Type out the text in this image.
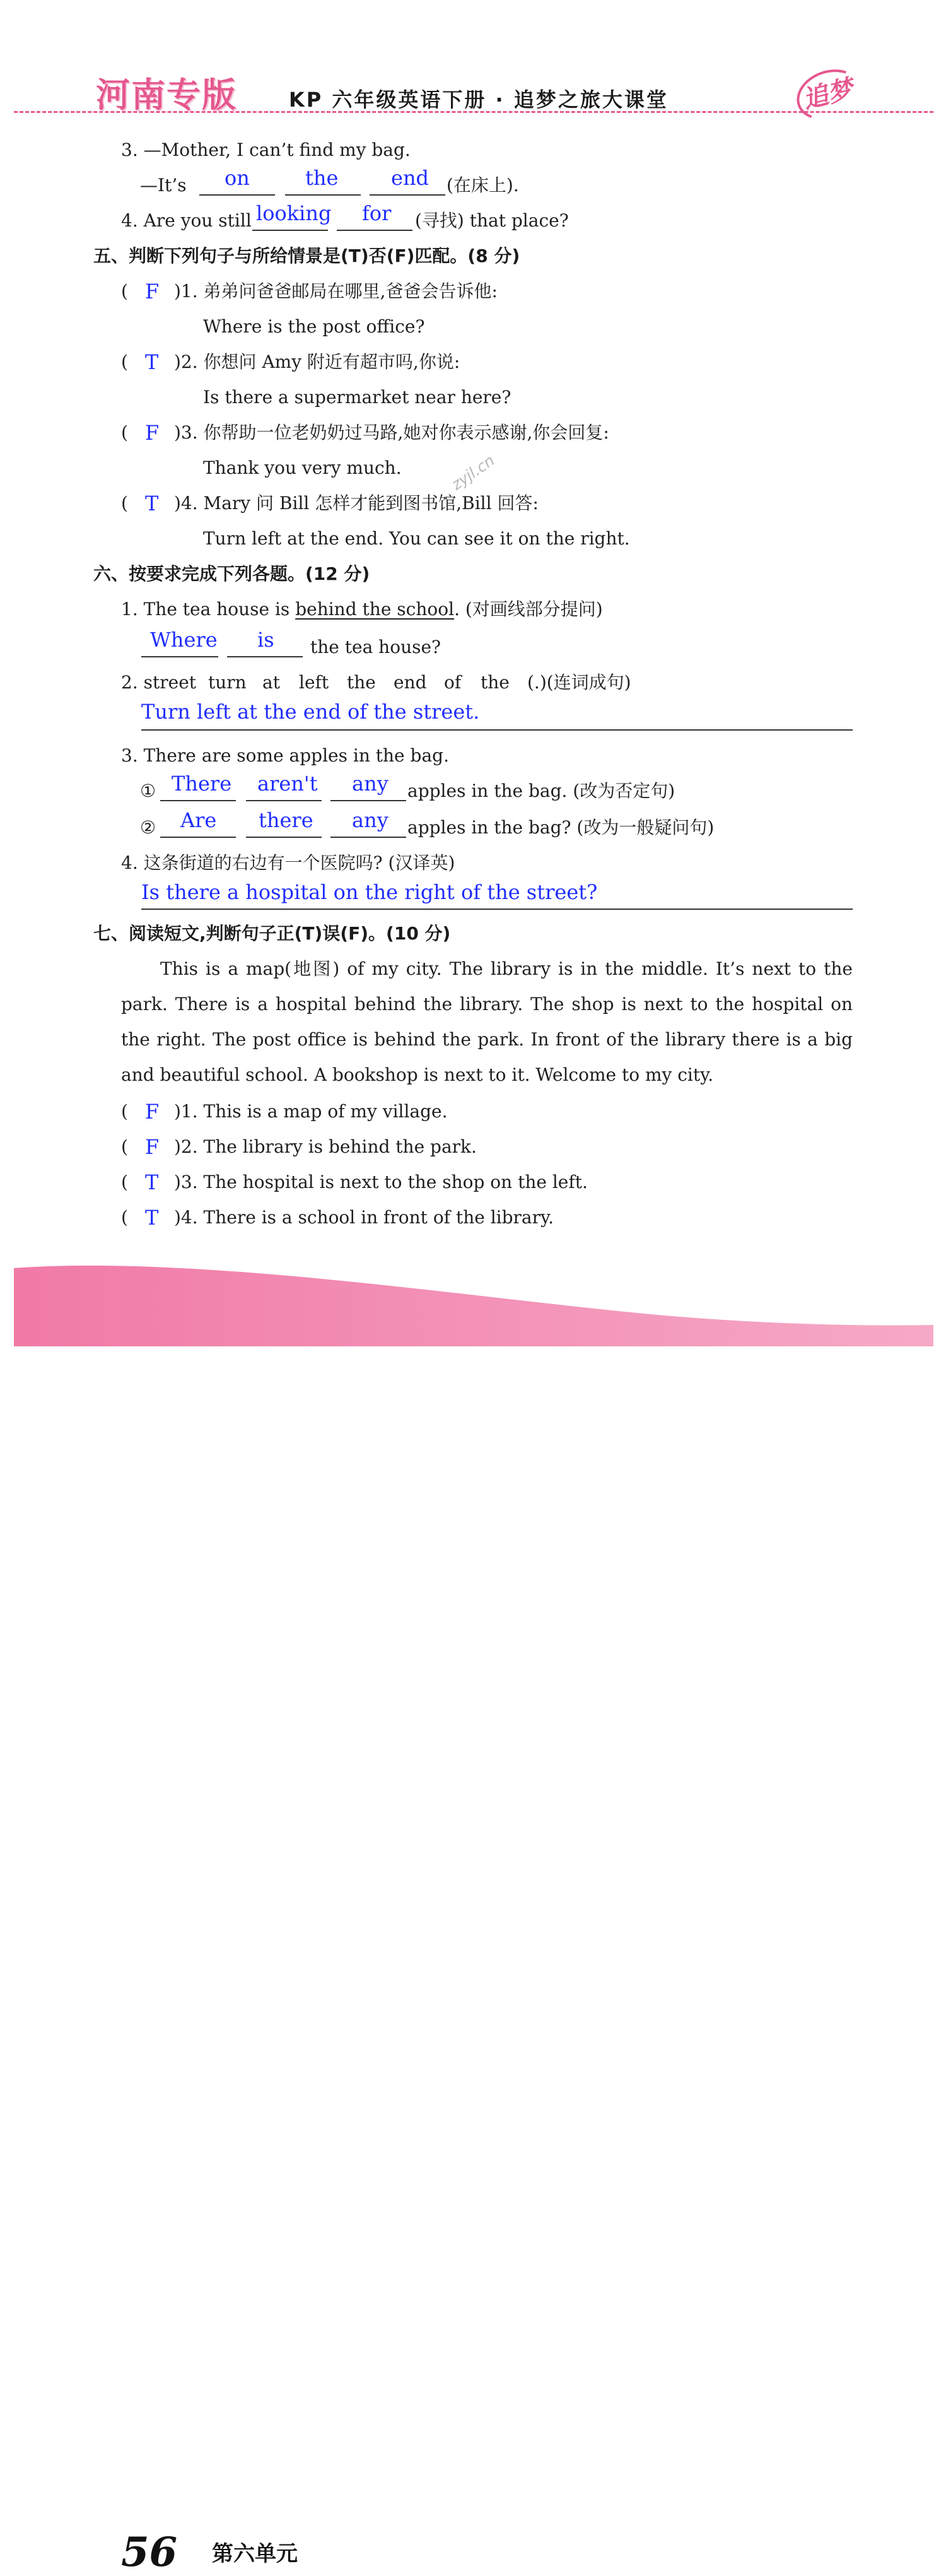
河南专版	KP 六年级英语下册 · 追梦之旅大课堂	追梦
3. —Mother, I can’t find my bag.
—It’s on	the	end (在床上).
4. Are you still looking for (寻找) that place?
五、判断下列句子与所给情景是(T)否(F)匹配。(8 分)
( F )1. 弟弟问爸爸邮局在哪里,爸爸会告诉他:
Where is the post office?
( T )2. 你想问 Amy 附近有超市吗,你说:
Is there a supermarket near here?
( F )3. 你帮助一位老奶奶过马路,她对你表示感谢,你会回复:
Thank you very much.
( T )4. Mary 问 Bill 怎样才能到图书馆,Bill 回答:
Turn left at the end. You can see it on the right.
zyjl.cn
六、按要求完成下列各题。(12 分)
1. The tea house is behind the school. (对画线部分提问)
Where is the tea house?
2. street turn at left the end of the (.)(连词成句)
Turn left at the end of the street.
3. There are some apples in the bag.
① There aren't any apples in the bag. (改为否定句)
② Are there any apples in the bag? (改为一般疑问句)
4. 这条街道的右边有一个医院吗? (汉译英)
Is there a hospital on the right of the street?
七、阅读短文,判断句子正(T)误(F)。(10 分)
This is a map(地图) of my city. The library is in the middle. It’s next to the park. There is a hospital behind the library. The shop is next to the hospital on the right. The post office is behind the park. In front of the library there is a big and beautiful school. A bookshop is next to it. Welcome to my city.
( F )1. This is a map of my village.
( F )2. The library is behind the park.
( T )3. The hospital is next to the shop on the left.
( T )4. There is a school in front of the library.
56 第六单元
